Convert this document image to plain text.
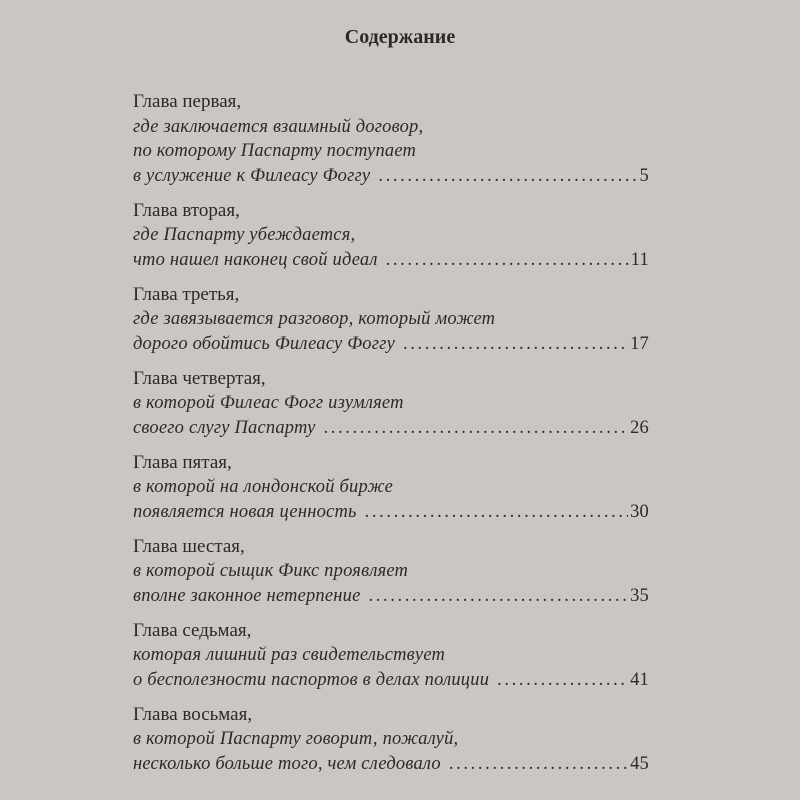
Содержание
Глава первая,
где заключается взаимный договор,
по которому Паспарту поступает
в услужение к Филеасу Фоггу . . .	5
Глава вторая,
где Паспарту убеждается,
что нашел наконец свой идеал . . .	11
Глава третья,
где завязывается разговор, который может
дорого обойтись Филеасу Фоггу . . .	17
Глава четвертая,
в которой Филеас Фогг изумляет
своего слугу Паспарту . . .	26
Глава пятая,
в которой на лондонской бирже
появляется новая ценность . . .	30
Глава шестая,
в которой сыщик Фикс проявляет
вполне законное нетерпение . . .	35
Глава седьмая,
которая лишний раз свидетельствует
о бесполезности паспортов в делах полиции . . .	41
Глава восьмая,
в которой Паспарту говорит, пожалуй,
несколько больше того, чем следовало . . .	45
